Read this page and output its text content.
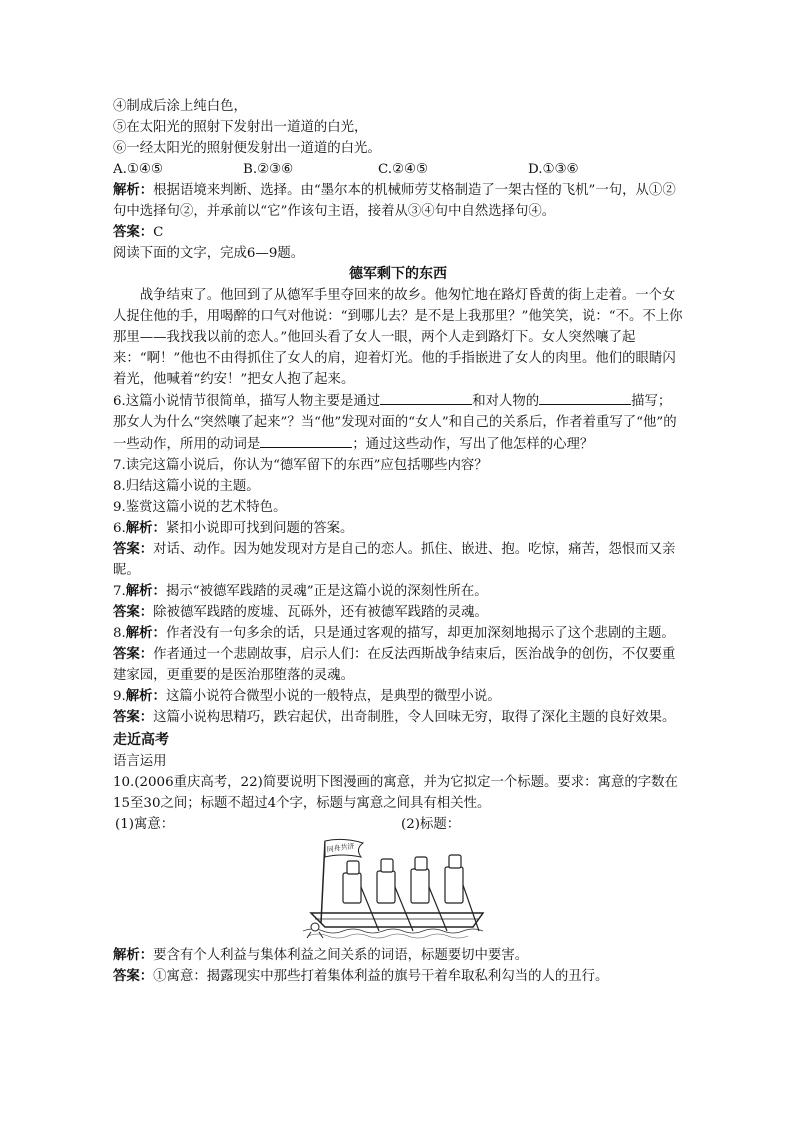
④制成后涂上纯白色，
⑤在太阳光的照射下发射出一道道的白光，
⑥一经太阳光的照射便发射出一道道的白光。
A.①④⑤	B.②③⑥	C.②④⑤	D.①③⑥
解析：根据语境来判断、选择。由“墨尔本的机械师劳艾格制造了一架古怪的飞机”一句，从①②句中选择句②，并承前以“它”作该句主语，接着从③④句中自然选择句④。
答案：C
阅读下面的文字，完成6—9题。
德军剩下的东西
战争结束了。他回到了从德军手里夺回来的故乡。他匆忙地在路灯昏黄的街上走着。一个女人捉住他的手，用喝醉的口气对他说：“到哪儿去？是不是上我那里？”他笑笑，说：“不。不上你那里——我找我以前的恋人。”他回头看了女人一眼，两个人走到路灯下。女人突然嚷了起来：“啊！”他也不由得抓住了女人的肩，迎着灯光。他的手指嵌进了女人的肉里。他们的眼睛闪着光，他喊着“约安！”把女人抱了起来。
6.这篇小说情节很简单，描写人物主要是通过	和对人物的	描写；
那女人为什么“突然嚷了起来”？当“他”发现对面的“女人”和自己的关系后，作者着重写了“他”的一些动作，所用的动词是	；通过这些动作，写出了他怎样的心理？
7.读完这篇小说后，你认为“德军留下的东西”应包括哪些内容？
8.归结这篇小说的主题。
9.鉴赏这篇小说的艺术特色。
6.解析：紧扣小说即可找到问题的答案。
答案：对话、动作。因为她发现对方是自己的恋人。抓住、嵌进、抱。吃惊，痛苦，怨恨而又亲昵。
7.解析：揭示“被德军践踏的灵魂”正是这篇小说的深刻性所在。
答案：除被德军践踏的废墟、瓦砾外，还有被德军践踏的灵魂。
8.解析：作者没有一句多余的话，只是通过客观的描写，却更加深刻地揭示了这个悲剧的主题。
答案：作者通过一个悲剧故事，启示人们：在反法西斯战争结束后，医治战争的创伤，不仅要重建家园，更重要的是医治那堕落的灵魂。
9.解析：这篇小说符合微型小说的一般特点，是典型的微型小说。
答案：这篇小说构思精巧，跌宕起伏，出奇制胜，令人回味无穷，取得了深化主题的良好效果。
走近高考
语言运用
10.(2006重庆高考，22)简要说明下图漫画的寓意，并为它拟定一个标题。要求：寓意的字数在15至30之间；标题不超过4个字，标题与寓意之间具有相关性。
(1)寓意：	(2)标题：
同舟共济
解析：要含有个人利益与集体利益之间关系的词语，标题要切中要害。
答案：①寓意：揭露现实中那些打着集体利益的旗号干着牟取私利勾当的人的丑行。
